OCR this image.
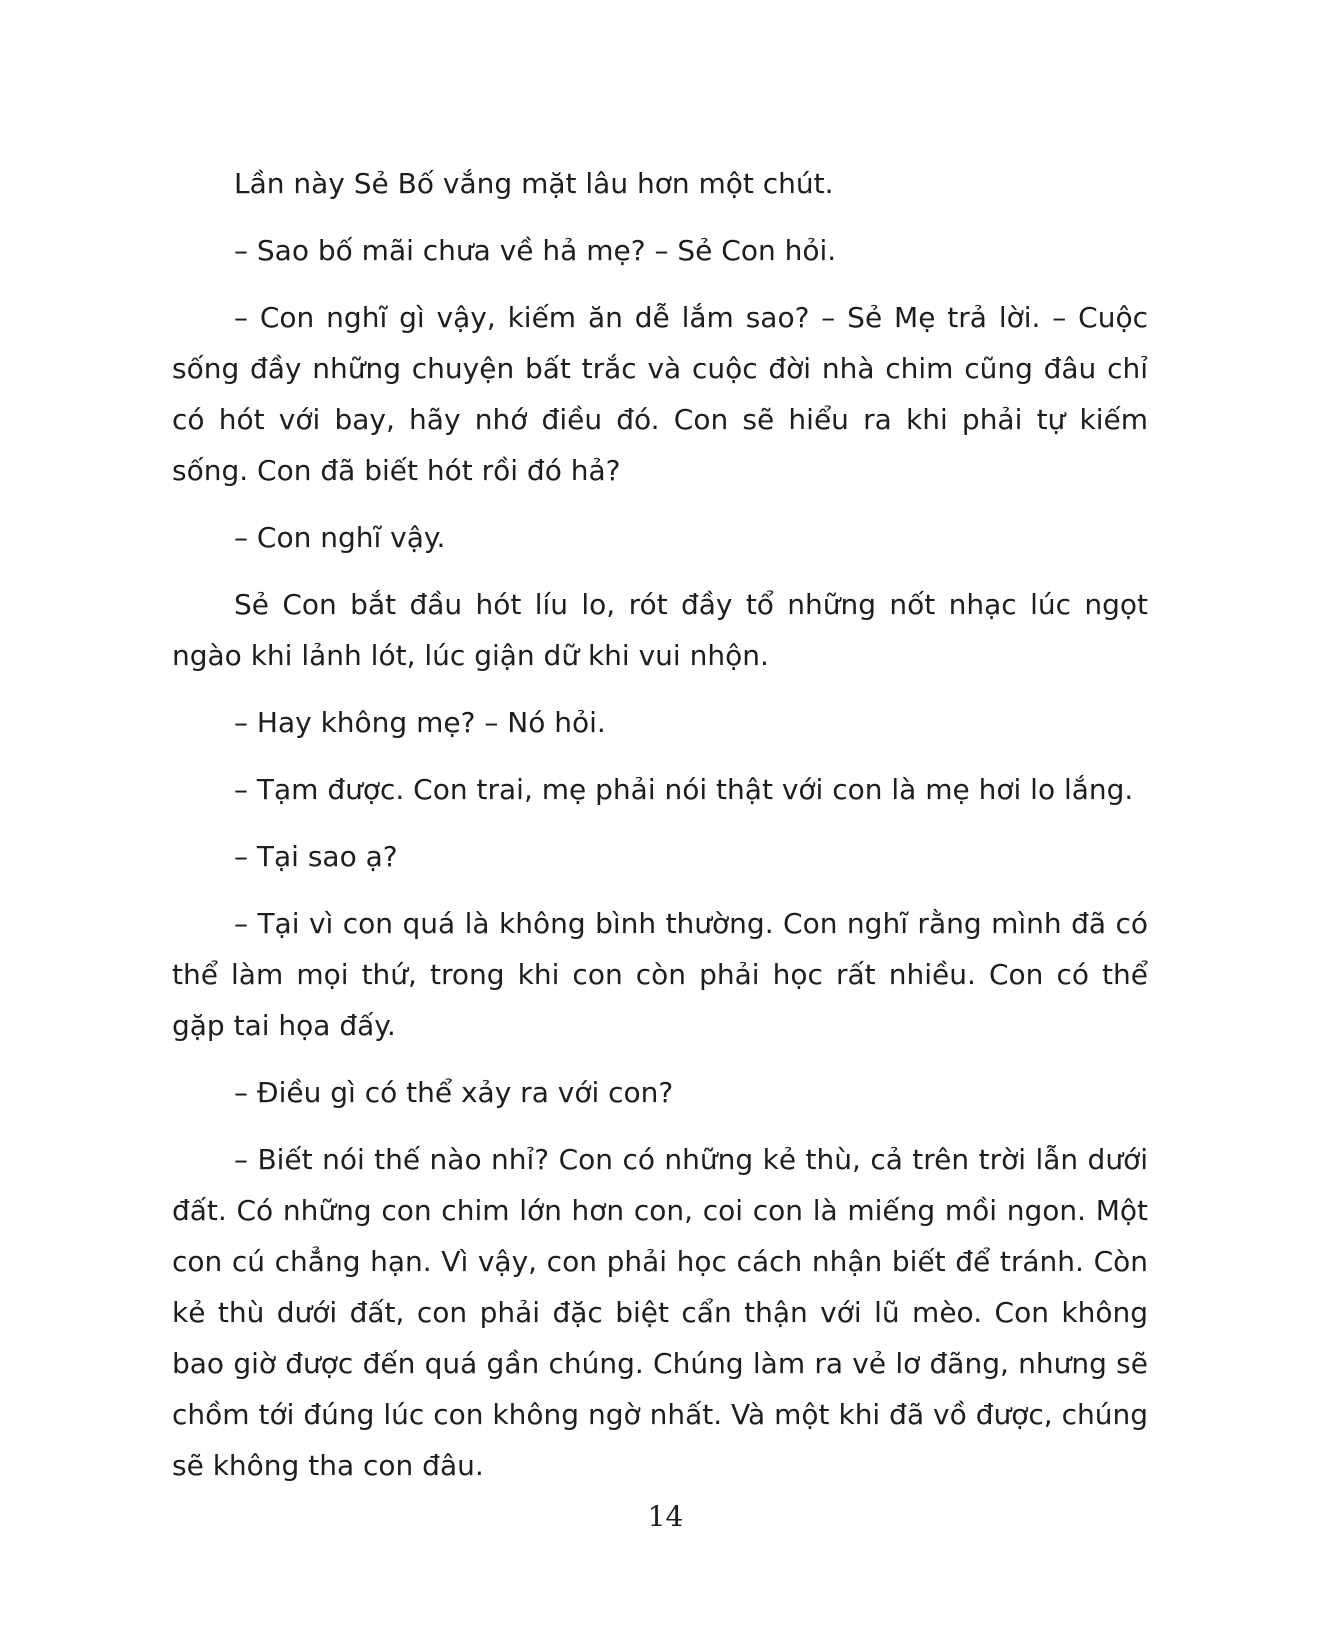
Lần này Sẻ Bố vắng mặt lâu hơn một chút.

– Sao bố mãi chưa về hả mẹ? – Sẻ Con hỏi.

– Con nghĩ gì vậy, kiếm ăn dễ lắm sao? – Sẻ Mẹ trả lời. – Cuộc sống đầy những chuyện bất trắc và cuộc đời nhà chim cũng đâu chỉ có hót với bay, hãy nhớ điều đó. Con sẽ hiểu ra khi phải tự kiếm sống. Con đã biết hót rồi đó hả?

– Con nghĩ vậy.

Sẻ Con bắt đầu hót líu lo, rót đầy tổ những nốt nhạc lúc ngọt ngào khi lảnh lót, lúc giận dữ khi vui nhộn.

– Hay không mẹ? – Nó hỏi.

– Tạm được. Con trai, mẹ phải nói thật với con là mẹ hơi lo lắng.

– Tại sao ạ?

– Tại vì con quá là không bình thường. Con nghĩ rằng mình đã có thể làm mọi thứ, trong khi con còn phải học rất nhiều. Con có thể gặp tai họa đấy.

– Điều gì có thể xảy ra với con?

– Biết nói thế nào nhỉ? Con có những kẻ thù, cả trên trời lẫn dưới đất. Có những con chim lớn hơn con, coi con là miếng mồi ngon. Một con cú chẳng hạn. Vì vậy, con phải học cách nhận biết để tránh. Còn kẻ thù dưới đất, con phải đặc biệt cẩn thận với lũ mèo. Con không bao giờ được đến quá gần chúng. Chúng làm ra vẻ lơ đãng, nhưng sẽ chồm tới đúng lúc con không ngờ nhất. Và một khi đã vồ được, chúng sẽ không tha con đâu.

14
